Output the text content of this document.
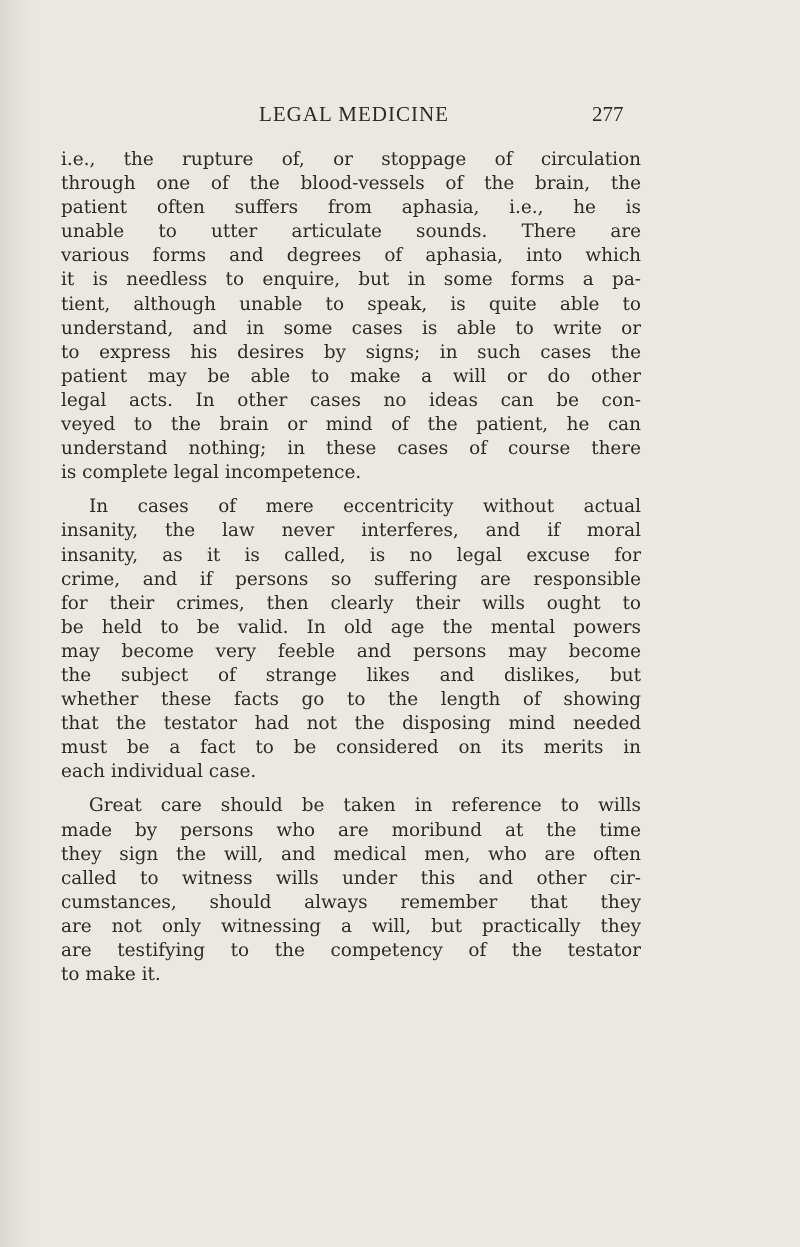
LEGAL MEDICINE	277
i.e., the rupture of, or stoppage of circulation
through one of the blood-vessels of the brain, the
patient often suffers from aphasia, i.e., he is
unable to utter articulate sounds. There are
various forms and degrees of aphasia, into which
it is needless to enquire, but in some forms a pa-
tient, although unable to speak, is quite able to
understand, and in some cases is able to write or
to express his desires by signs; in such cases the
patient may be able to make a will or do other
legal acts. In other cases no ideas can be con-
veyed to the brain or mind of the patient, he can
understand nothing; in these cases of course there
is complete legal incompetence.
In cases of mere eccentricity without actual
insanity, the law never interferes, and if moral
insanity, as it is called, is no legal excuse for
crime, and if persons so suffering are responsible
for their crimes, then clearly their wills ought to
be held to be valid. In old age the mental powers
may become very feeble and persons may become
the subject of strange likes and dislikes, but
whether these facts go to the length of showing
that the testator had not the disposing mind needed
must be a fact to be considered on its merits in
each individual case.
Great care should be taken in reference to wills
made by persons who are moribund at the time
they sign the will, and medical men, who are often
called to witness wills under this and other cir-
cumstances, should always remember that they
are not only witnessing a will, but practically they
are testifying to the competency of the testator
to make it.
